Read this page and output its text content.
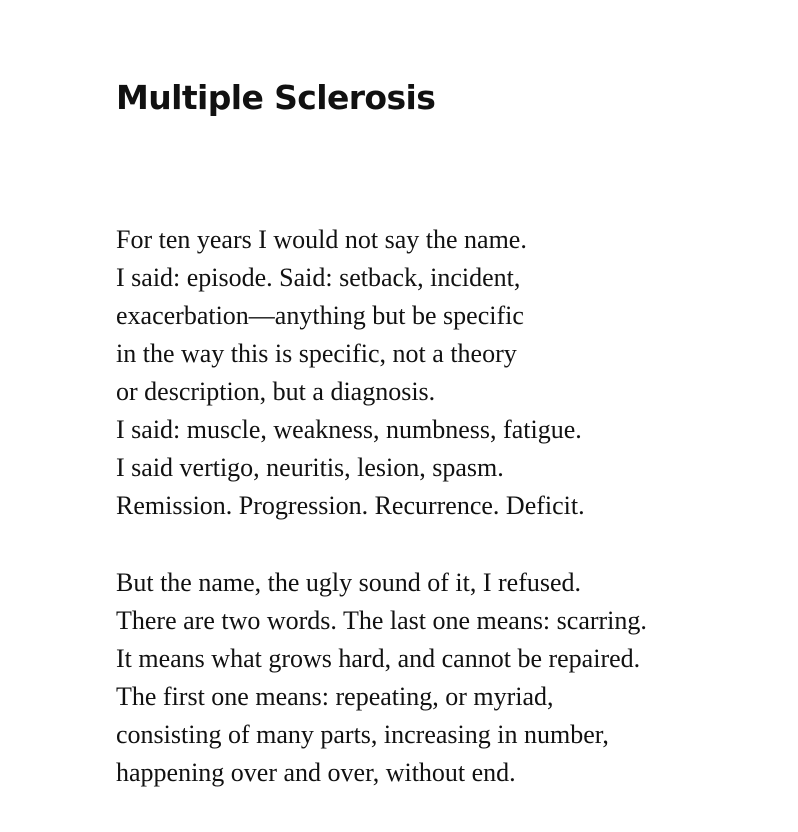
Multiple Sclerosis

For ten years I would not say the name.
I said: episode. Said: setback, incident,
exacerbation—anything but be specific
in the way this is specific, not a theory
or description, but a diagnosis.
I said: muscle, weakness, numbness, fatigue.
I said vertigo, neuritis, lesion, spasm.
Remission. Progression. Recurrence. Deficit.

But the name, the ugly sound of it, I refused.
There are two words. The last one means: scarring.
It means what grows hard, and cannot be repaired.
The first one means: repeating, or myriad,
consisting of many parts, increasing in number,
happening over and over, without end.
